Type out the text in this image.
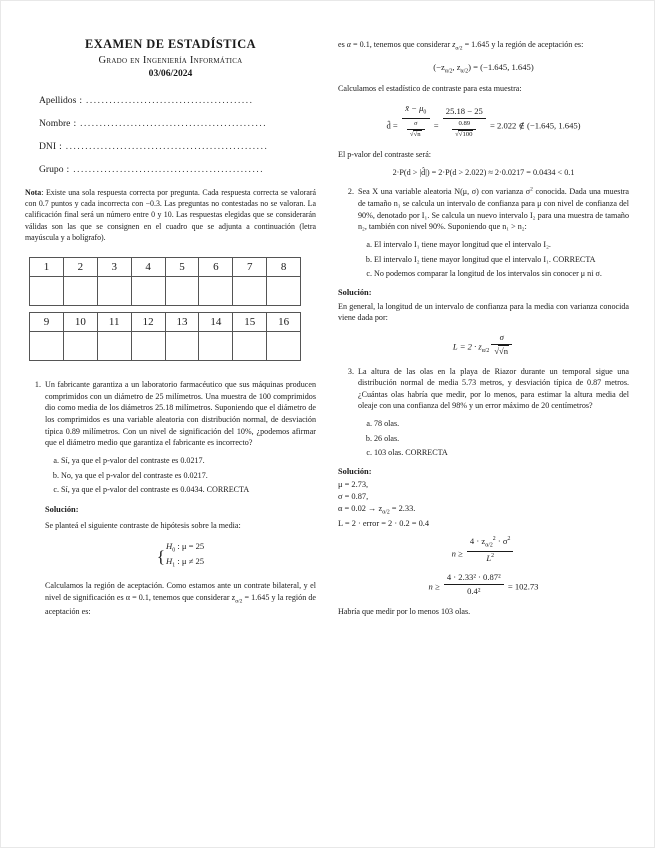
EXAMEN DE ESTADÍSTICA
Grado en Ingeniería Informática
03/06/2024
Apellidos : ...........................................
Nombre : ................................................
DNI : ....................................................
Grupo : .................................................

Nota: Existe una sola respuesta correcta por pregunta. Cada respuesta correcta se valorará con 0.7 puntos y cada incorrecta con −0.3. Las preguntas no contestadas no se valoran. La calificación final será un número entre 0 y 10. Las respuestas elegidas que se considerarán válidas son las que se consignen en el cuadro que se adjunta a continuación (letra mayúscula y a bolígrafo).

1	2	3	4	5	6	7	8

9	10	11	12	13	14	15	16

1. Un fabricante garantiza a un laboratorio farmacéutico que sus máquinas producen comprimidos con un diámetro de 25 milímetros. Una muestra de 100 comprimidos dio como media de los diámetros 25.18 milímetros. Suponiendo que el diámetro de los comprimidos es una variable aleatoria con distribución normal, de desviación típica 0.89 milímetros. Con un nivel de significación del 10%, ¿podemos afirmar que el diámetro medio que garantiza el fabricante es incorrecto?
a. Sí, ya que el p-valor del contraste es 0.0217.
b. No, ya que el p-valor del contraste es 0.0217.
c. Sí, ya que el p-valor del contraste es 0.0434. CORRECTA
Solución:
Se planteá el siguiente contraste de hipótesis sobre la media:
{
$H_0$ : μ = 25
$H_1$ : μ ≠ 25
Calculamos la región de aceptación. Como estamos ante un contrate bilateral, y el nivel de significación es α = 0.1, tenemos que considerar $z_{\alpha/2} = 1.645$ y la región de aceptación es:
es α = 0.1, tenemos que considerar $z_{\alpha/2} = 1.645$ y la región de aceptación es:
($-z_{\alpha/2}$, $z_{\alpha/2}) = (-1.645$, 1.645)
Calculamos el estadístico de contraste para esta muestra:
d̂ = $\frac{x̄ - \mu_0}{\frac{\sigma}{√√n}} = \frac{25.18 - 25}{\frac{0.89}{√√100}} = 2.022$ ∉ (−1.645, 1.645)
El p-valor del contraste será:
2·P(d > |d̂|) = 2·P(d > 2.022) ≈ 2·0.0217 = 0.0434 < 0.1
2. Sea X una variable aleatoria N(μ, σ) con varianza $\sigma^2$ conocida. Dada una muestra de tamaño n₁ se calcula un intervalo de confianza para μ con nivel de confianza del 90%, denotado por I₁. Se calcula un nuevo intervalo I₂ para una muestra de tamaño n₂, también con nivel 90%. Suponiendo que n₁ > n₂:
a. El intervalo I₁ tiene mayor longitud que el intervalo I₂.
b. El intervalo I₂ tiene mayor longitud que el intervalo I₁. CORRECTA
c. No podemos comparar la longitud de los intervalos sin conocer μ ni σ.
Solución:
En general, la longitud de un intervalo de confianza para la media con varianza conocida viene dada por:
$L = 2 \cdot z_{\alpha/2} \frac{\sigma}{√√n}$
3. La altura de las olas en la playa de Riazor durante un temporal sigue una distribución normal de media 5.73 metros, y desviación típica de 0.87 metros. ¿Cuántas olas habría que medir, por lo menos, para estimar la altura media del oleaje con una confianza del 98% y un error máximo de 20 centímetros?
a. 78 olas.
b. 26 olas.
c. 103 olas. CORRECTA
Solución:
μ = 2.73,
σ = 0.87,
$\alpha = 0.02 \to z_{\alpha/2} = 2.33$.
L = 2 · error = 2 · 0.2 = 0.4
$n \ge \frac{4 \cdot z_{\alpha/2}^2 \cdot \sigma^2}{L^2}$
$n \ge \frac{\text{4 · 2.33² · 0.87²}}{\text{0.4²}} = 102.73$
Habría que medir por lo menos 103 olas.
